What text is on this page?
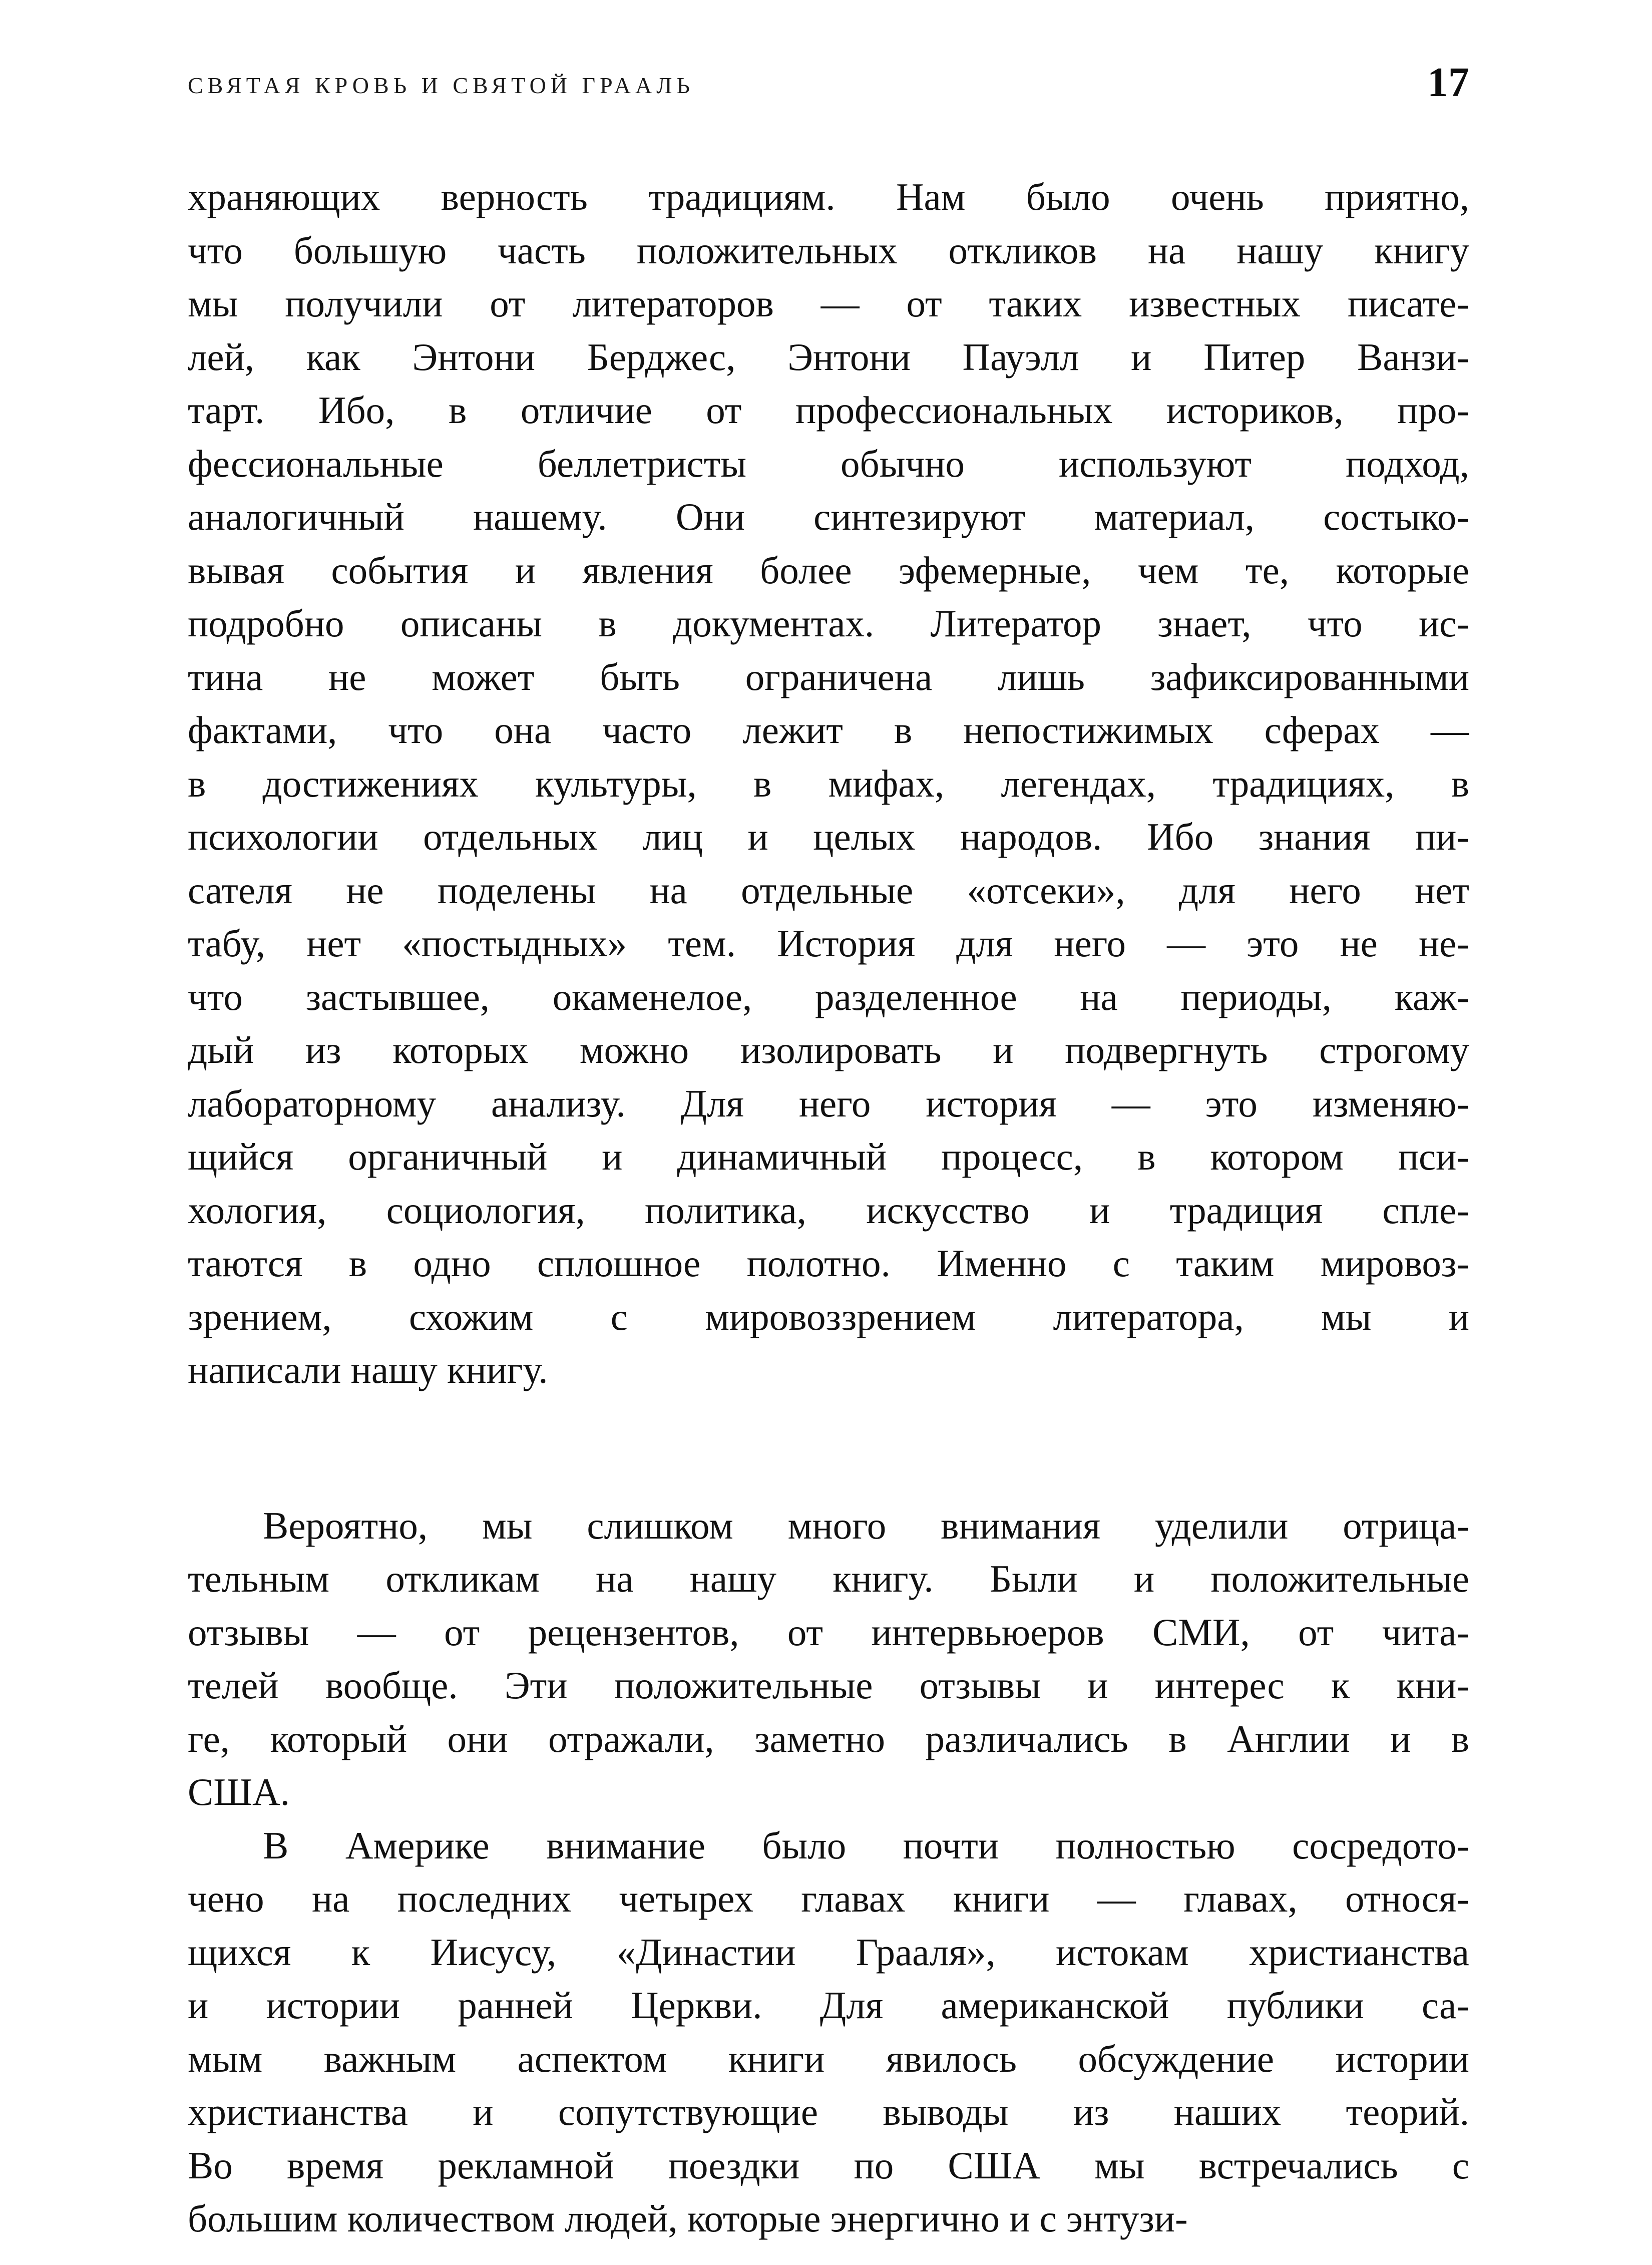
СВЯТАЯ КРОВЬ И СВЯТОЙ ГРААЛЬ	17
храняющих верность традициям. Нам было очень приятно,
что большую часть положительных откликов на нашу книгу
мы получили от литераторов — от таких известных писате-
лей, как Энтони Берджес, Энтони Пауэлл и Питер Ванзи-
тарт. Ибо, в отличие от профессиональных историков, про-
фессиональные беллетристы обычно используют подход,
аналогичный нашему. Они синтезируют материал, состыко-
вывая события и явления более эфемерные, чем те, которые
подробно описаны в документах. Литератор знает, что ис-
тина не может быть ограничена лишь зафиксированными
фактами, что она часто лежит в непостижимых сферах —
в достижениях культуры, в мифах, легендах, традициях, в
психологии отдельных лиц и целых народов. Ибо знания пи-
сателя не поделены на отдельные «отсеки», для него нет
табу, нет «постыдных» тем. История для него — это не не-
что застывшее, окаменелое, разделенное на периоды, каж-
дый из которых можно изолировать и подвергнуть строгому
лабораторному анализу. Для него история — это изменяю-
щийся органичный и динамичный процесс, в котором пси-
хология, социология, политика, искусство и традиция спле-
таются в одно сплошное полотно. Именно с таким мировоз-
зрением, схожим с мировоззрением литератора, мы и
написали нашу книгу.
Вероятно, мы слишком много внимания уделили отрица-
тельным откликам на нашу книгу. Были и положительные
отзывы — от рецензентов, от интервьюеров СМИ, от чита-
телей вообще. Эти положительные отзывы и интерес к кни-
ге, который они отражали, заметно различались в Англии и в
США.
В Америке внимание было почти полностью сосредото-
чено на последних четырех главах книги — главах, относя-
щихся к Иисусу, «Династии Грааля», истокам христианства
и истории ранней Церкви. Для американской публики са-
мым важным аспектом книги явилось обсуждение истории
христианства и сопутствующие выводы из наших теорий.
Во время рекламной поездки по США мы встречались с
большим количеством людей, которые энергично и с энтузи-
